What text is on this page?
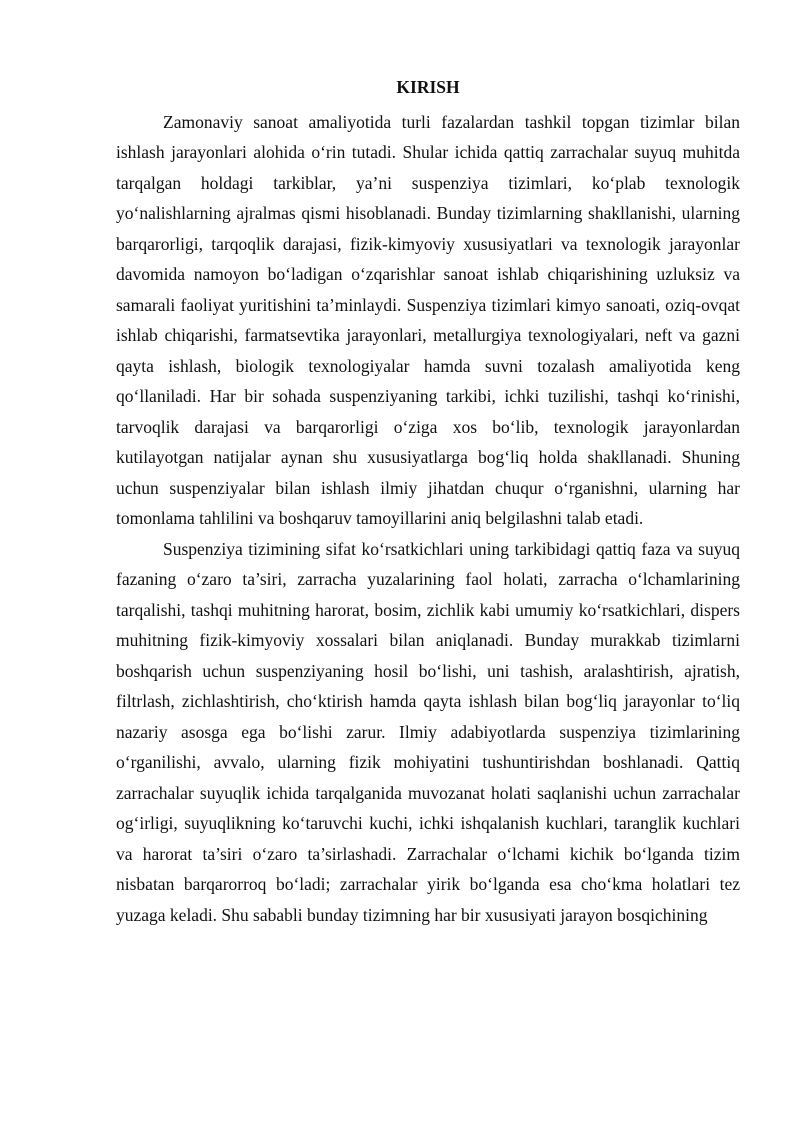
KIRISH

Zamonaviy sanoat amaliyotida turli fazalardan tashkil topgan tizimlar bilan ishlash jarayonlari alohida o‘rin tutadi. Shular ichida qattiq zarrachalar suyuq muhitda tarqalgan holdagi tarkiblar, ya’ni suspenziya tizimlari, ko‘plab texnologik yo‘nalishlarning ajralmas qismi hisoblanadi. Bunday tizimlarning shakllanishi, ularning barqarorligi, tarqoqlik darajasi, fizik-kimyoviy xususiyatlari va texnologik jarayonlar davomida namoyon bo‘ladigan o‘zqarishlar sanoat ishlab chiqarishining uzluksiz va samarali faoliyat yuritishini ta’minlaydi. Suspenziya tizimlari kimyo sanoati, oziq-ovqat ishlab chiqarishi, farmatsevtika jarayonlari, metallurgiya texnologiyalari, neft va gazni qayta ishlash, biologik texnologiyalar hamda suvni tozalash amaliyotida keng qo‘llaniladi. Har bir sohada suspenziyaning tarkibi, ichki tuzilishi, tashqi ko‘rinishi, tarvoqlik darajasi va barqarorligi o‘ziga xos bo‘lib, texnologik jarayonlardan kutilayotgan natijalar aynan shu xususiyatlarga bog‘liq holda shakllanadi. Shuning uchun suspenziyalar bilan ishlash ilmiy jihatdan chuqur o‘rganishni, ularning har tomonlama tahlilini va boshqaruv tamoyillarini aniq belgilashni talab etadi.

Suspenziya tizimining sifat ko‘rsatkichlari uning tarkibidagi qattiq faza va suyuq fazaning o‘zaro ta’siri, zarracha yuzalarining faol holati, zarracha o‘lchamlarining tarqalishi, tashqi muhitning harorat, bosim, zichlik kabi umumiy ko‘rsatkichlari, dispers muhitning fizik-kimyoviy xossalari bilan aniqlanadi. Bunday murakkab tizimlarni boshqarish uchun suspenziyaning hosil bo‘lishi, uni tashish, aralashtirish, ajratish, filtrlash, zichlashtirish, cho‘ktirish hamda qayta ishlash bilan bog‘liq jarayonlar to‘liq nazariy asosga ega bo‘lishi zarur. Ilmiy adabiyotlarda suspenziya tizimlarining o‘rganilishi, avvalo, ularning fizik mohiyatini tushuntirishdan boshlanadi. Qattiq zarrachalar suyuqlik ichida tarqalganida muvozanat holati saqlanishi uchun zarrachalar og‘irligi, suyuqlikning ko‘taruvchi kuchi, ichki ishqalanish kuchlari, taranglik kuchlari va harorat ta’siri o‘zaro ta’sirlashadi. Zarrachalar o‘lchami kichik bo‘lganda tizim nisbatan barqarorroq bo‘ladi; zarrachalar yirik bo‘lganda esa cho‘kma holatlari tez yuzaga keladi. Shu sababli bunday tizimning har bir xususiyati jarayon bosqichining
